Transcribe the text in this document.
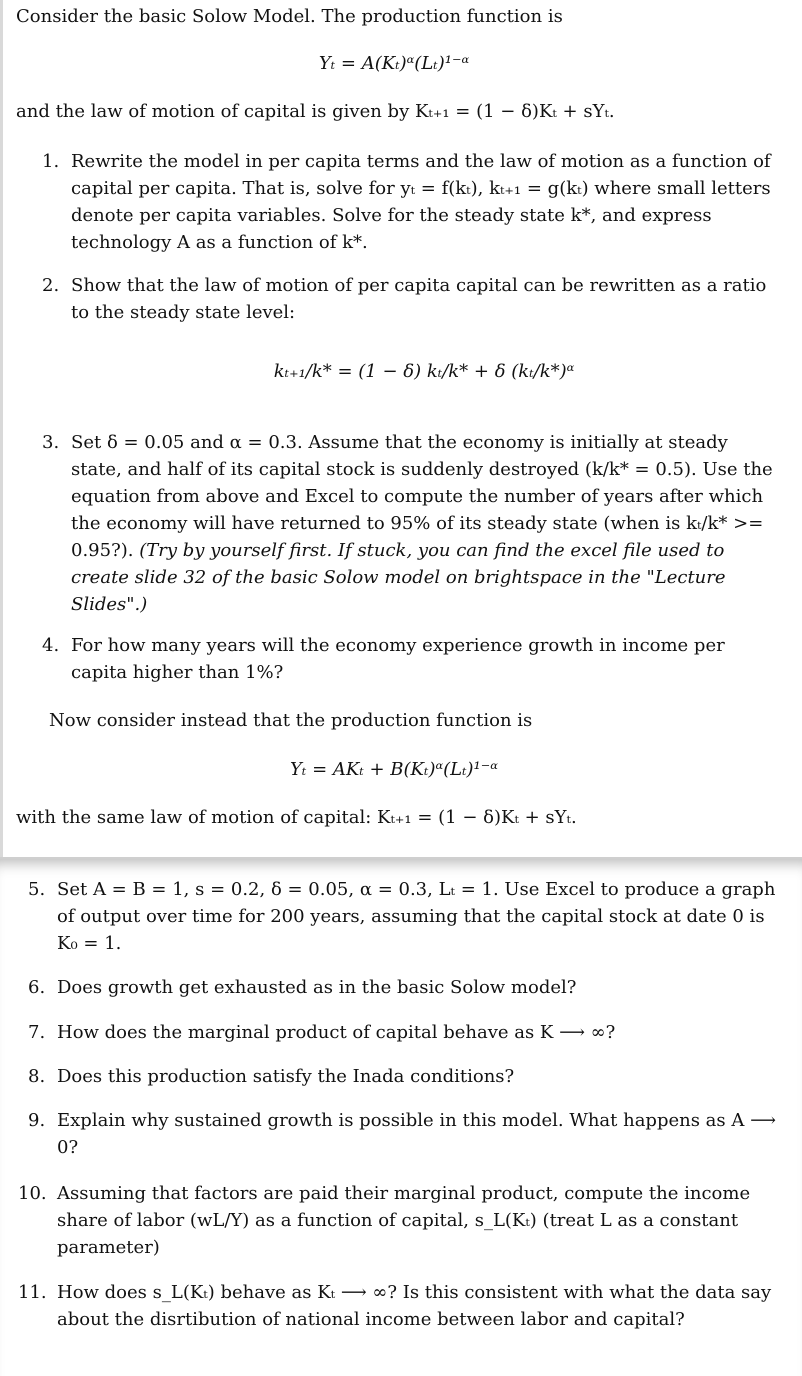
Consider the basic Solow Model. The production function is
Yₜ = A(Kₜ)ᵅ(Lₜ)¹⁻ᵅ
and the law of motion of capital is given by Kₜ₊₁ = (1 − δ)Kₜ + sYₜ.
1. Rewrite the model in per capita terms and the law of motion as a function of capital per capita. That is, solve for yₜ = f(kₜ), kₜ₊₁ = g(kₜ) where small letters denote per capita variables. Solve for the steady state k*, and express technology A as a function of k*.
2. Show that the law of motion of per capita capital can be rewritten as a ratio to the steady state level:
kₜ₊₁/k* = (1 − δ) kₜ/k* + δ (kₜ/k*)ᵅ
3. Set δ = 0.05 and α = 0.3. Assume that the economy is initially at steady state, and half of its capital stock is suddenly destroyed (k/k* = 0.5). Use the equation from above and Excel to compute the number of years after which the economy will have returned to 95% of its steady state (when is kₜ/k* >= 0.95?). (Try by yourself first. If stuck, you can find the excel file used to create slide 32 of the basic Solow model on brightspace in the "Lecture Slides".)
4. For how many years will the economy experience growth in income per capita higher than 1%?
Now consider instead that the production function is
Yₜ = AKₜ + B(Kₜ)ᵅ(Lₜ)¹⁻ᵅ
with the same law of motion of capital: Kₜ₊₁ = (1 − δ)Kₜ + sYₜ.
5. Set A = B = 1, s = 0.2, δ = 0.05, α = 0.3, Lₜ = 1. Use Excel to produce a graph of output over time for 200 years, assuming that the capital stock at date 0 is K₀ = 1.
6. Does growth get exhausted as in the basic Solow model?
7. How does the marginal product of capital behave as K ⟶ ∞?
8. Does this production satisfy the Inada conditions?
9. Explain why sustained growth is possible in this model. What happens as A ⟶ 0?
10. Assuming that factors are paid their marginal product, compute the income share of labor (wL/Y) as a function of capital, s_L(Kₜ) (treat L as a constant parameter)
11. How does s_L(Kₜ) behave as Kₜ ⟶ ∞? Is this consistent with what the data say about the disrtibution of national income between labor and capital?
